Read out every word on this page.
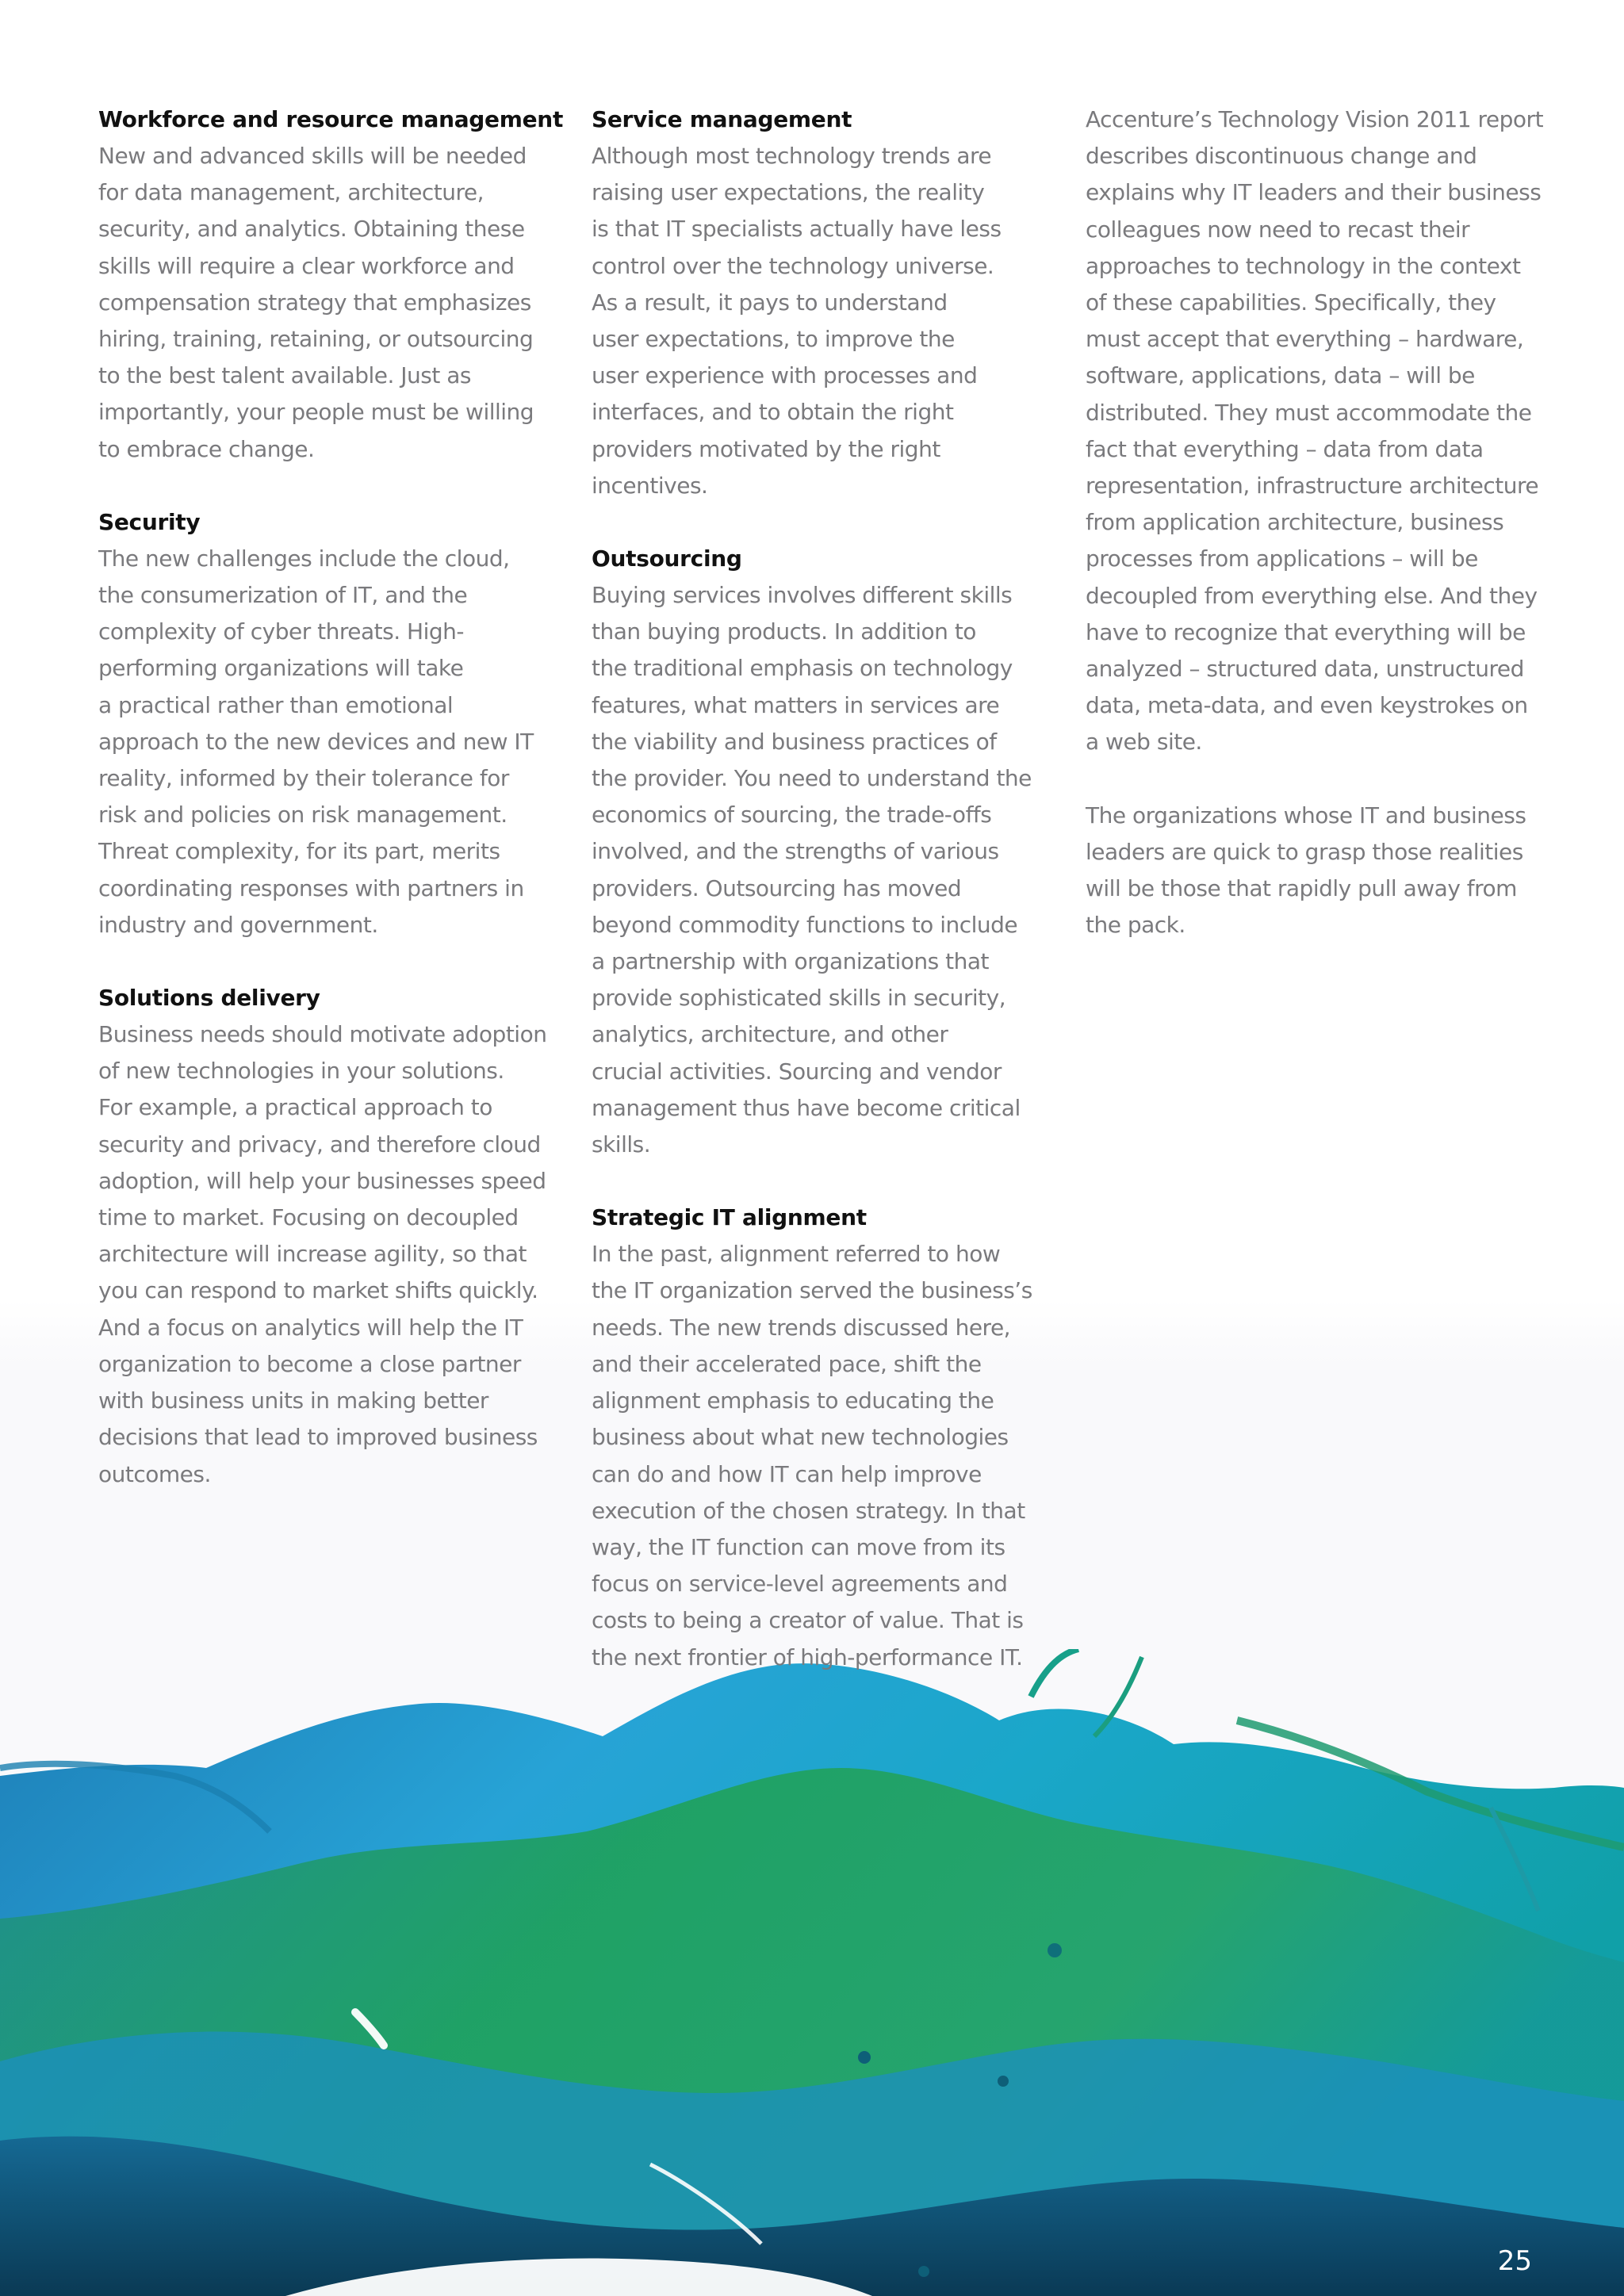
Workforce and resource management
New and advanced skills will be needed
for data management, architecture,
security, and analytics. Obtaining these
skills will require a clear workforce and
compensation strategy that emphasizes
hiring, training, retaining, or outsourcing
to the best talent available. Just as
importantly, your people must be willing
to embrace change.
Security
The new challenges include the cloud,
the consumerization of IT, and the
complexity of cyber threats. High-
performing organizations will take
a practical rather than emotional
approach to the new devices and new IT
reality, informed by their tolerance for
risk and policies on risk management.
Threat complexity, for its part, merits
coordinating responses with partners in
industry and government.
Solutions delivery
Business needs should motivate adoption
of new technologies in your solutions.
For example, a practical approach to
security and privacy, and therefore cloud
adoption, will help your businesses speed
time to market. Focusing on decoupled
architecture will increase agility, so that
you can respond to market shifts quickly.
And a focus on analytics will help the IT
organization to become a close partner
with business units in making better
decisions that lead to improved business
outcomes.
Service management
Although most technology trends are
raising user expectations, the reality
is that IT specialists actually have less
control over the technology universe.
As a result, it pays to understand
user expectations, to improve the
user experience with processes and
interfaces, and to obtain the right
providers motivated by the right
incentives.
Outsourcing
Buying services involves different skills
than buying products. In addition to
the traditional emphasis on technology
features, what matters in services are
the viability and business practices of
the provider. You need to understand the
economics of sourcing, the trade-offs
involved, and the strengths of various
providers. Outsourcing has moved
beyond commodity functions to include
a partnership with organizations that
provide sophisticated skills in security,
analytics, architecture, and other
crucial activities. Sourcing and vendor
management thus have become critical
skills.
Strategic IT alignment
In the past, alignment referred to how
the IT organization served the business’s
needs. The new trends discussed here,
and their accelerated pace, shift the
alignment emphasis to educating the
business about what new technologies
can do and how IT can help improve
execution of the chosen strategy. In that
way, the IT function can move from its
focus on service-level agreements and
costs to being a creator of value. That is
the next frontier of high-performance IT.
Accenture’s Technology Vision 2011 report
describes discontinuous change and
explains why IT leaders and their business
colleagues now need to recast their
approaches to technology in the context
of these capabilities. Specifically, they
must accept that everything – hardware,
software, applications, data – will be
distributed. They must accommodate the
fact that everything – data from data
representation, infrastructure architecture
from application architecture, business
processes from applications – will be
decoupled from everything else. And they
have to recognize that everything will be
analyzed – structured data, unstructured
data, meta-data, and even keystrokes on
a web site.
The organizations whose IT and business
leaders are quick to grasp those realities
will be those that rapidly pull away from
the pack.
25
